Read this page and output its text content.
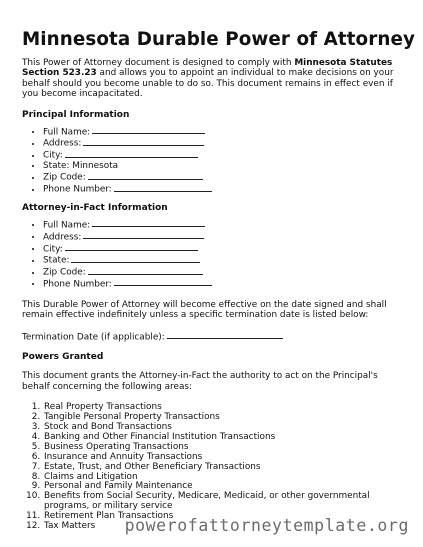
Minnesota Durable Power of Attorney

This Power of Attorney document is designed to comply with Minnesota Statutes Section 523.23 and allows you to appoint an individual to make decisions on your behalf should you become unable to do so. This document remains in effect even if you become incapacitated.

Principal Information
• Full Name:
• Address:
• City:
• State: Minnesota
• Zip Code:
• Phone Number:
Attorney-in-Fact Information
• Full Name:
• Address:
• City:
• State:
• Zip Code:
• Phone Number:

This Durable Power of Attorney will become effective on the date signed and shall remain effective indefinitely unless a specific termination date is listed below:

Termination Date (if applicable):

Powers Granted

This document grants the Attorney-in-Fact the authority to act on the Principal's behalf concerning the following areas:

1. Real Property Transactions
2. Tangible Personal Property Transactions
3. Stock and Bond Transactions
4. Banking and Other Financial Institution Transactions
5. Business Operating Transactions
6. Insurance and Annuity Transactions
7. Estate, Trust, and Other Beneficiary Transactions
8. Claims and Litigation
9. Personal and Family Maintenance
10. Benefits from Social Security, Medicare, Medicaid, or other governmental programs, or military service
11. Retirement Plan Transactions
12. Tax Matters	powerofattorneytemplate.org
